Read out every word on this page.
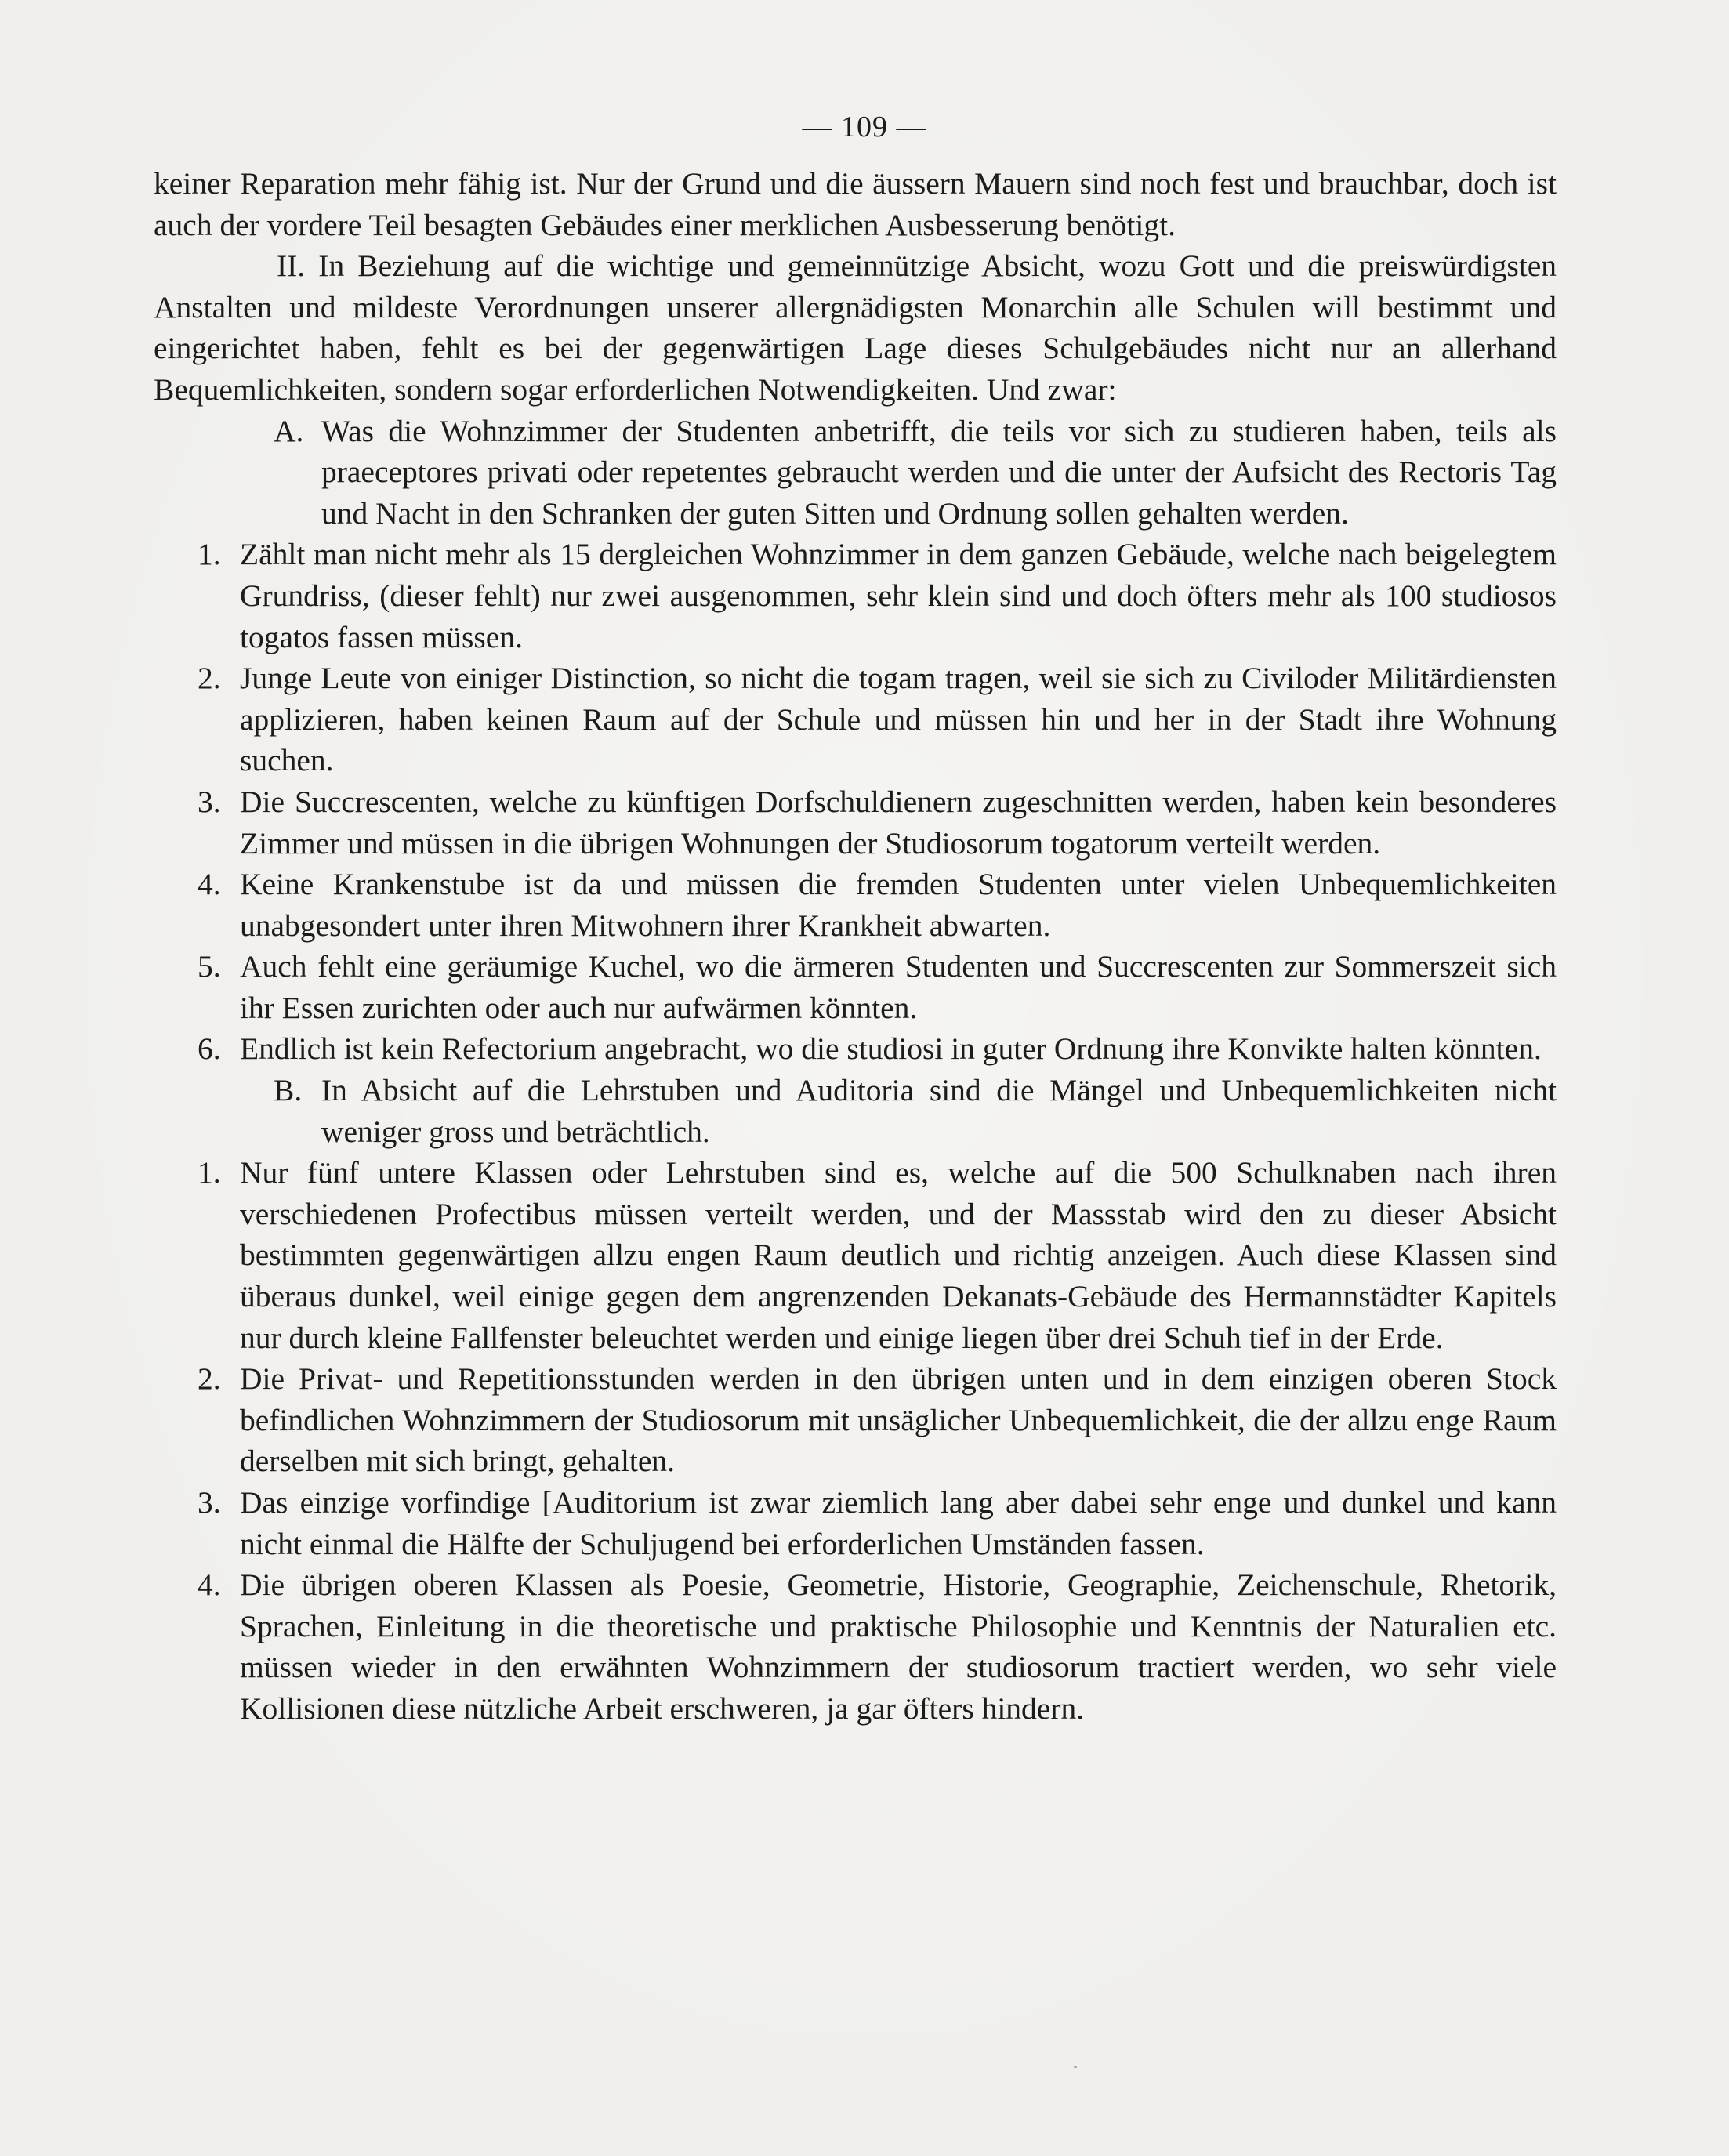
— 109 —

keiner Reparation mehr fähig ist. Nur der Grund und die äussern Mauern sind noch fest und brauchbar, doch ist auch der vordere Teil besagten Gebäudes einer merklichen Ausbesserung benötigt.

II. In Beziehung auf die wichtige und gemeinnützige Absicht, wozu Gott und die preiswürdigsten Anstalten und mildeste Verordnungen unserer allergnädigsten Monarchin alle Schulen will bestimmt und eingerichtet haben, fehlt es bei der gegenwärtigen Lage dieses Schulgebäudes nicht nur an allerhand Bequemlichkeiten, sondern sogar erforderlichen Notwendigkeiten. Und zwar:

A. Was die Wohnzimmer der Studenten anbetrifft, die teils vor sich zu studieren haben, teils als praeceptores privati oder repetentes gebraucht werden und die unter der Aufsicht des Rectoris Tag und Nacht in den Schranken der guten Sitten und Ordnung sollen gehalten werden.
1. Zählt man nicht mehr als 15 dergleichen Wohnzimmer in dem ganzen Gebäude, welche nach beigelegtem Grundriss, (dieser fehlt) nur zwei ausgenommen, sehr klein sind und doch öfters mehr als 100 studiosos togatos fassen müssen.
2. Junge Leute von einiger Distinction, so nicht die togam tragen, weil sie sich zu Civiloder Militärdiensten applizieren, haben keinen Raum auf der Schule und müssen hin und her in der Stadt ihre Wohnung suchen.
3. Die Succrescenten, welche zu künftigen Dorfschuldienern zugeschnitten werden, haben kein besonderes Zimmer und müssen in die übrigen Wohnungen der Studiosorum togatorum verteilt werden.
4. Keine Krankenstube ist da und müssen die fremden Studenten unter vielen Unbequemlichkeiten unabgesondert unter ihren Mitwohnern ihrer Krankheit abwarten.
5. Auch fehlt eine geräumige Kuchel, wo die ärmeren Studenten und Succrescenten zur Sommerszeit sich ihr Essen zurichten oder auch nur aufwärmen könnten.
6. Endlich ist kein Refectorium angebracht, wo die studiosi in guter Ordnung ihre Konvikte halten könnten.
B. In Absicht auf die Lehrstuben und Auditoria sind die Mängel und Unbequemlichkeiten nicht weniger gross und beträchtlich.
1. Nur fünf untere Klassen oder Lehrstuben sind es, welche auf die 500 Schulknaben nach ihren verschiedenen Profectibus müssen verteilt werden, und der Massstab wird den zu dieser Absicht bestimmten gegenwärtigen allzu engen Raum deutlich und richtig anzeigen. Auch diese Klassen sind überaus dunkel, weil einige gegen dem angrenzenden Dekanats-Gebäude des Hermannstädter Kapitels nur durch kleine Fallfenster beleuchtet werden und einige liegen über drei Schuh tief in der Erde.
2. Die Privat- und Repetitionsstunden werden in den übrigen unten und in dem einzigen oberen Stock befindlichen Wohnzimmern der Studiosorum mit unsäglicher Unbequemlichkeit, die der allzu enge Raum derselben mit sich bringt, gehalten.
3. Das einzige vorfindige [Auditorium ist zwar ziemlich lang aber dabei sehr enge und dunkel und kann nicht einmal die Hälfte der Schuljugend bei erforderlichen Umständen fassen.
4. Die übrigen oberen Klassen als Poesie, Geometrie, Historie, Geographie, Zeichenschule, Rhetorik, Sprachen, Einleitung in die theoretische und praktische Philosophie und Kenntnis der Naturalien etc. müssen wieder in den erwähnten Wohnzimmern der studiosorum tractiert werden, wo sehr viele Kollisionen diese nützliche Arbeit erschweren, ja gar öfters hindern.
